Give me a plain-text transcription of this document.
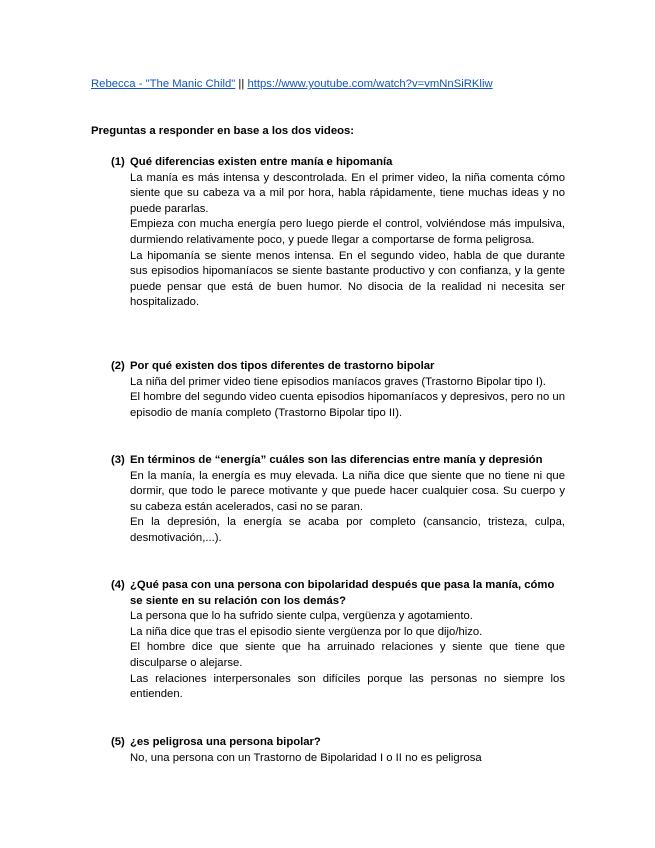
Rebecca - "The Manic Child" || https://www.youtube.com/watch?v=vmNnSiRKliw
Preguntas a responder en base a los dos videos:
(1) Qué diferencias existen entre manía e hipomanía

La manía es más intensa y descontrolada. En el primer video, la niña comenta cómo siente que su cabeza va a mil por hora, habla rápidamente, tiene muchas ideas y no puede pararlas.

Empieza con mucha energía pero luego pierde el control, volviéndose más impulsiva, durmiendo relativamente poco, y puede llegar a comportarse de forma peligrosa.

La hipomanía se siente menos intensa. En el segundo video, habla de que durante sus episodios hipomaníacos se siente bastante productivo y con confianza, y la gente puede pensar que está de buen humor. No disocia de la realidad ni necesita ser hospitalizado.

(2) Por qué existen dos tipos diferentes de trastorno bipolar

La niña del primer video tiene episodios maníacos graves (Trastorno Bipolar tipo I).

El hombre del segundo video cuenta episodios hipomaníacos y depresivos, pero no un episodio de manía completo (Trastorno Bipolar tipo II).

(3) En términos de “energía” cuáles son las diferencias entre manía y depresión

En la manía, la energía es muy elevada. La niña dice que siente que no tiene ni que dormir, que todo le parece motivante y que puede hacer cualquier cosa. Su cuerpo y su cabeza están acelerados, casi no se paran.

En la depresión, la energía se acaba por completo (cansancio, tristeza, culpa, desmotivación,...).

(4) ¿Qué pasa con una persona con bipolaridad después que pasa la manía, cómo se siente en su relación con los demás?

La persona que lo ha sufrido siente culpa, vergüenza y agotamiento.

La niña dice que tras el episodio siente vergüenza por lo que dijo/hizo.

El hombre dice que siente que ha arruinado relaciones y siente que tiene que disculparse o alejarse.

Las relaciones interpersonales son difíciles porque las personas no siempre los entienden.

(5) ¿es peligrosa una persona bipolar?

No, una persona con un Trastorno de Bipolaridad I o II no es peligrosa
